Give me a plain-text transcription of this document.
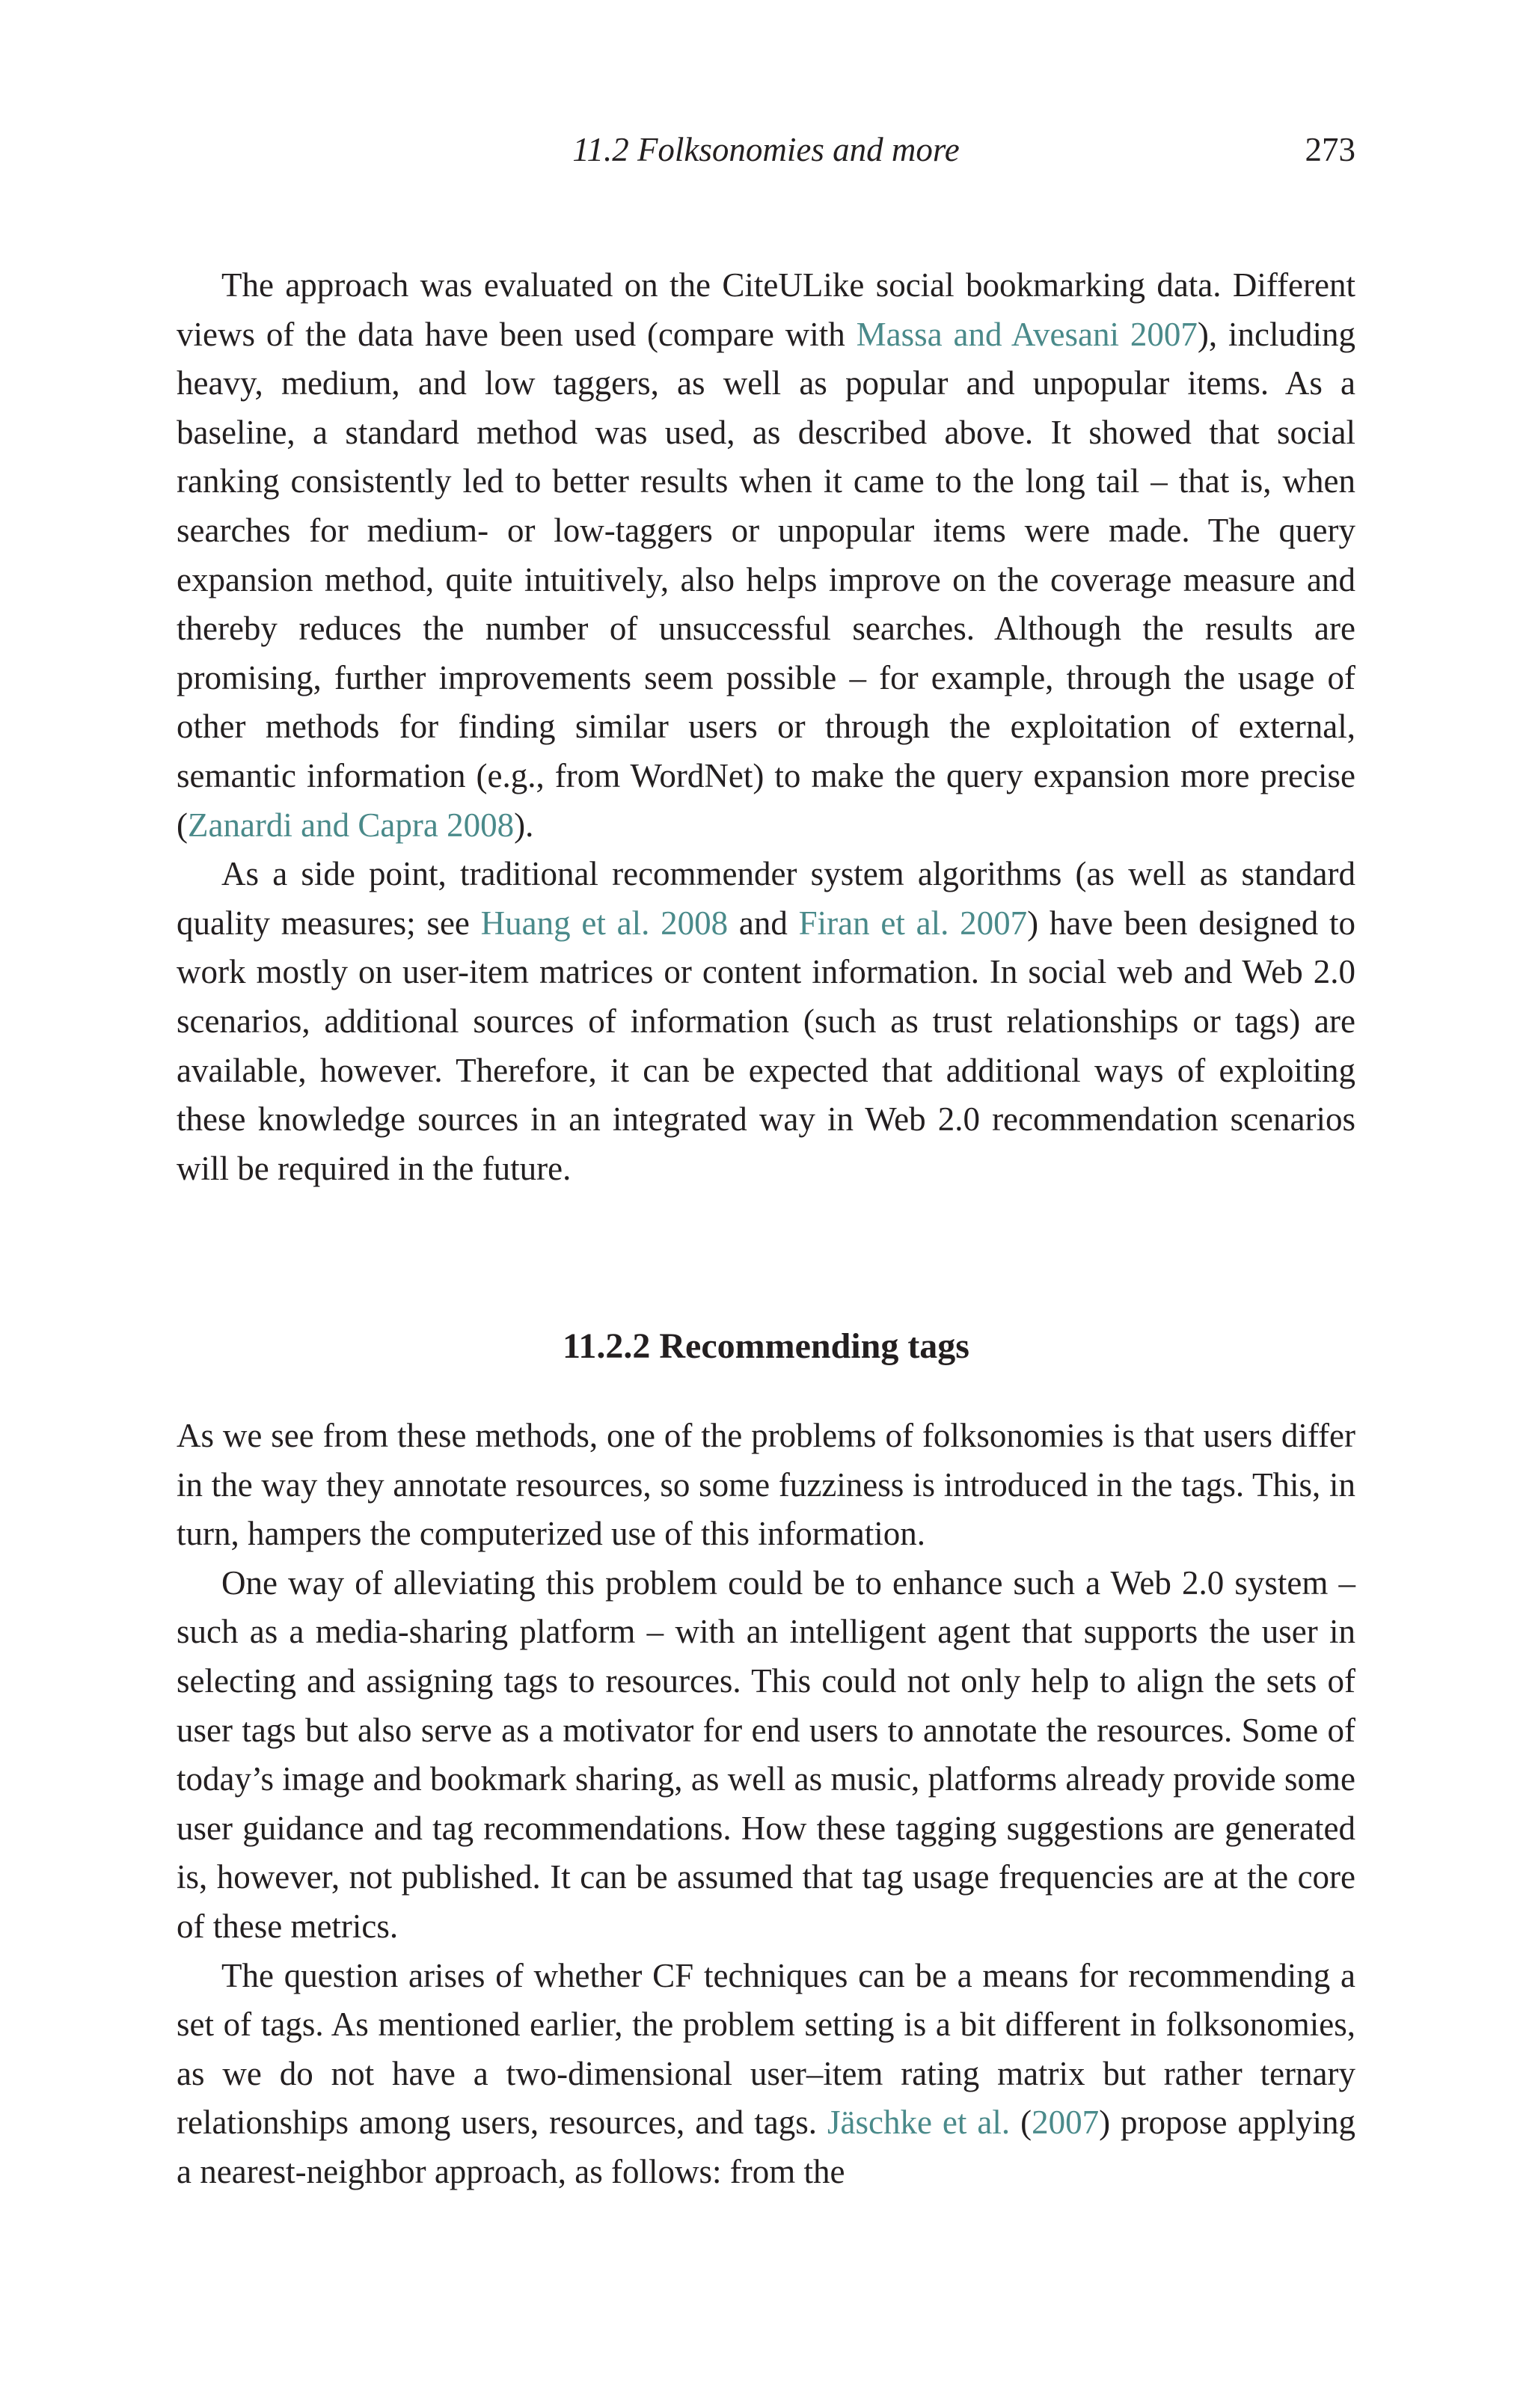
11.2 Folksonomies and more	273

The approach was evaluated on the CiteULike social bookmarking data. Different views of the data have been used (compare with Massa and Avesani 2007), including heavy, medium, and low taggers, as well as popular and unpopular items. As a baseline, a standard method was used, as described above. It showed that social ranking consistently led to better results when it came to the long tail – that is, when searches for medium- or low-taggers or unpopular items were made. The query expansion method, quite intuitively, also helps improve on the coverage measure and thereby reduces the number of unsuccessful searches. Although the results are promising, further improvements seem possible – for example, through the usage of other methods for finding similar users or through the exploitation of external, semantic information (e.g., from WordNet) to make the query expansion more precise (Zanardi and Capra 2008).

As a side point, traditional recommender system algorithms (as well as standard quality measures; see Huang et al. 2008 and Firan et al. 2007) have been designed to work mostly on user-item matrices or content information. In social web and Web 2.0 scenarios, additional sources of information (such as trust relationships or tags) are available, however. Therefore, it can be expected that additional ways of exploiting these knowledge sources in an integrated way in Web 2.0 recommendation scenarios will be required in the future.

11.2.2 Recommending tags

As we see from these methods, one of the problems of folksonomies is that users differ in the way they annotate resources, so some fuzziness is introduced in the tags. This, in turn, hampers the computerized use of this information.

One way of alleviating this problem could be to enhance such a Web 2.0 system – such as a media-sharing platform – with an intelligent agent that supports the user in selecting and assigning tags to resources. This could not only help to align the sets of user tags but also serve as a motivator for end users to annotate the resources. Some of today’s image and bookmark sharing, as well as music, platforms already provide some user guidance and tag recommendations. How these tagging suggestions are generated is, however, not published. It can be assumed that tag usage frequencies are at the core of these metrics.

The question arises of whether CF techniques can be a means for recommending a set of tags. As mentioned earlier, the problem setting is a bit different in folksonomies, as we do not have a two-dimensional user–item rating matrix but rather ternary relationships among users, resources, and tags. Jäschke et al. (2007) propose applying a nearest-neighbor approach, as follows: from the
